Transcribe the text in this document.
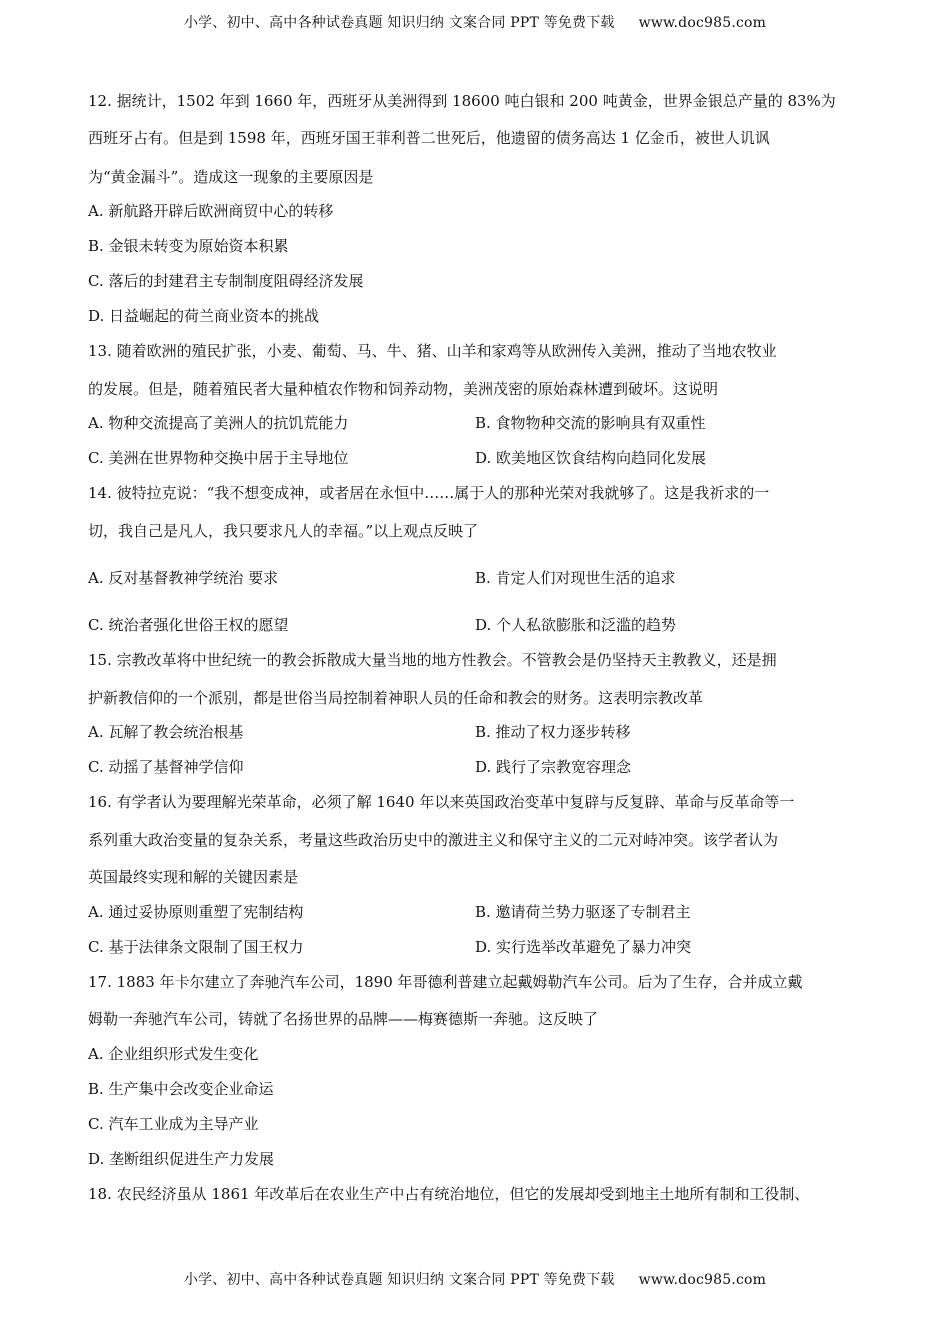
小学、初中、高中各种试卷真题 知识归纳 文案合同 PPT 等免费下载 www.doc985.com
12. 据统计，1502 年到 1660 年，西班牙从美洲得到 18600 吨白银和 200 吨黄金，世界金银总产量的 83%为
西班牙占有。但是到 1598 年，西班牙国王菲利普二世死后，他遗留的债务高达 1 亿金币，被世人讥讽
为“黄金漏斗”。造成这一现象的主要原因是
A. 新航路开辟后欧洲商贸中心的转移
B. 金银未转变为原始资本积累
C. 落后的封建君主专制制度阻碍经济发展
D. 日益崛起的荷兰商业资本的挑战
13. 随着欧洲的殖民扩张，小麦、葡萄、马、牛、猪、山羊和家鸡等从欧洲传入美洲，推动了当地农牧业
的发展。但是，随着殖民者大量种植农作物和饲养动物，美洲茂密的原始森林遭到破坏。这说明
A. 物种交流提高了美洲人的抗饥荒能力	B. 食物物种交流的影响具有双重性
C. 美洲在世界物种交换中居于主导地位	D. 欧美地区饮食结构向趋同化发展
14. 彼特拉克说：“我不想变成神，或者居在永恒中……属于人的那种光荣对我就够了。这是我祈求的一
切，我自己是凡人，我只要求凡人的幸福。”以上观点反映了
A. 反对基督教神学统治 要求	B. 肯定人们对现世生活的追求
C. 统治者强化世俗王权的愿望	D. 个人私欲膨胀和泛滥的趋势
15. 宗教改革将中世纪统一的教会拆散成大量当地的地方性教会。不管教会是仍坚持天主教教义，还是拥
护新教信仰的一个派别，都是世俗当局控制着神职人员的任命和教会的财务。这表明宗教改革
A. 瓦解了教会统治根基	B. 推动了权力逐步转移
C. 动摇了基督神学信仰	D. 践行了宗教宽容理念
16. 有学者认为要理解光荣革命，必须了解 1640 年以来英国政治变革中复辟与反复辟、革命与反革命等一
系列重大政治变量的复杂关系，考量这些政治历史中的激进主义和保守主义的二元对峙冲突。该学者认为
英国最终实现和解的关键因素是
A. 通过妥协原则重塑了宪制结构	B. 邀请荷兰势力驱逐了专制君主
C. 基于法律条文限制了国王权力	D. 实行选举改革避免了暴力冲突
17. 1883 年卡尔建立了奔驰汽车公司，1890 年哥德利普建立起戴姆勒汽车公司。后为了生存，合并成立戴
姆勒一奔驰汽车公司，铸就了名扬世界的品牌——梅赛德斯一奔驰。这反映了
A. 企业组织形式发生变化
B. 生产集中会改变企业命运
C. 汽车工业成为主导产业
D. 垄断组织促进生产力发展
18. 农民经济虽从 1861 年改革后在农业生产中占有统治地位，但它的发展却受到地主土地所有制和工役制、
小学、初中、高中各种试卷真题 知识归纳 文案合同 PPT 等免费下载 www.doc985.com
